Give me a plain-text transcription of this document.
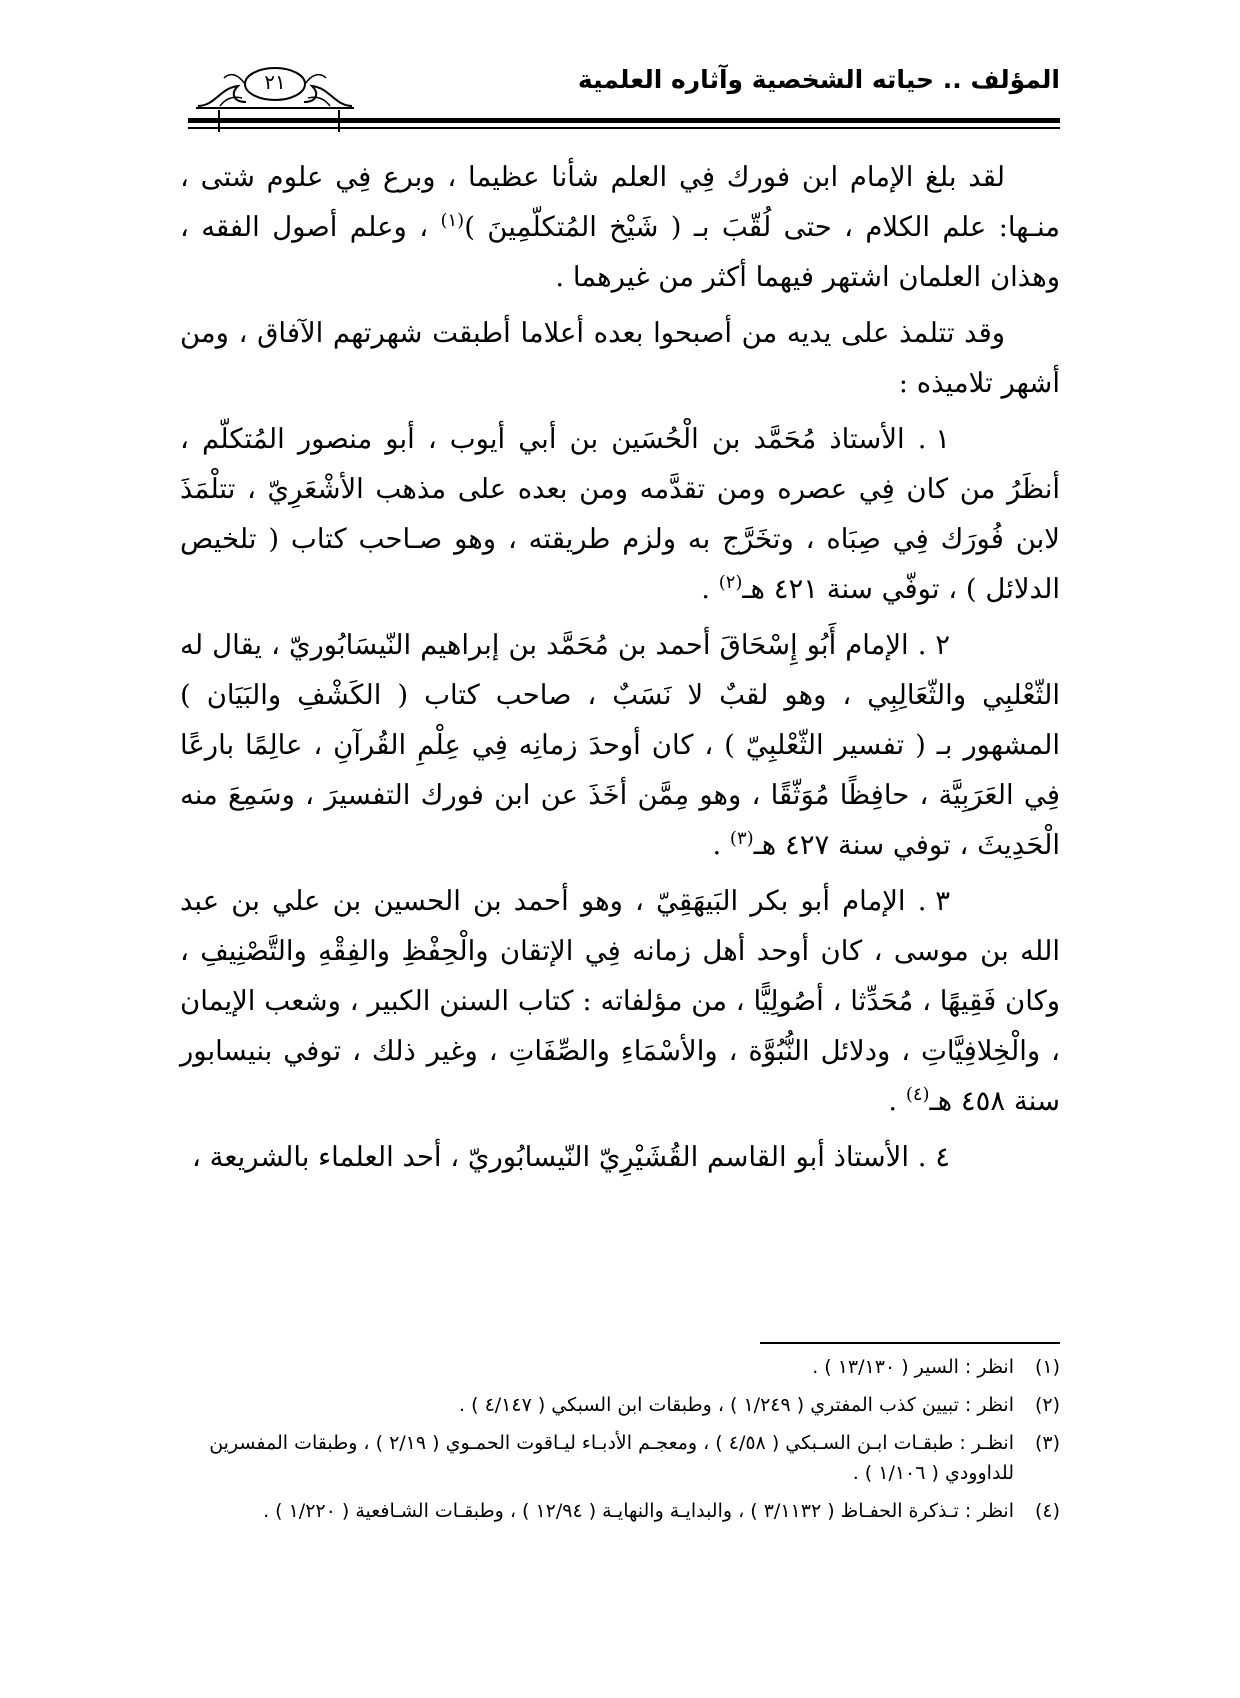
المؤلف .. حياته الشخصية وآثاره العلمية
٢١

لقد بلغ الإمام ابن فورك فِي العلم شأنا عظيما ، وبرع فِي علوم شتى ، منـها: علم الكلام ، حتى لُقّبَ بـ ( شَيْخ المُتكلّمِينَ )$^{(١)}$ ، وعلم أصول الفقه ، وهذان العلمان اشتهر فيهما أكثر من غيرهما .

وقد تتلمذ على يديه من أصبحوا بعده أعلاما أطبقت شهرتهم الآفاق ، ومن أشهر تلاميذه :

١ . الأستاذ مُحَمَّد بن الْحُسَين بن أبي أيوب ، أبو منصور المُتكلّم ، أنظَرُ من كان فِي عصره ومن تقدَّمه ومن بعده على مذهب الأشْعَرِيّ ، تتلْمَذَ لابن فُورَك فِي صِبَاه ، وتخَرَّج به ولزم طريقته ، وهو صـاحب كتاب ( تلخيص الدلائل ) ، توفّي سنة ٤٢١ هـ$^{(٢)}$ .

٢ . الإمام أَبُو إِسْحَاقَ أحمد بن مُحَمَّد بن إبراهيم النّيسَابُوريّ ، يقال له الثّعْلبِي والثّعَالِبِي ، وهو لقبٌ لا نَسَبٌ ، صاحب كتاب ( الكَشْفِ والبَيَان ) المشهور بـ ( تفسير الثّعْلبِيّ ) ، كان أوحدَ زمانِه فِي عِلْمِ القُرآنِ ، عالِمًا بارعًا فِي العَرَبِيَّة ، حافِظًا مُوَثّقًا ، وهو مِمَّن أخَذَ عن ابن فورك التفسيرَ ، وسَمِعَ منه الْحَدِيثَ ، توفي سنة ٤٢٧ هـ$^{(٣)}$ .

٣ . الإمام أبو بكر البَيهَقِيّ ، وهو أحمد بن الحسين بن علي بن عبد الله بن موسى ، كان أوحد أهل زمانه فِي الإتقان والْحِفْظِ والفِقْهِ والتَّصْنِيفِ ، وكان فَقِيهًا ، مُحَدِّثا ، أصُولِيًّا ، من مؤلفاته : كتاب السنن الكبير ، وشعب الإيمان ، والْخِلافِيَّاتِ ، ودلائل النُّبُوَّة ، والأسْمَاءِ والصِّفَاتِ ، وغير ذلك ، توفي بنيسابور سنة ٤٥٨ هـ$^{(٤)}$ .

٤ . الأستاذ أبو القاسم القُشَيْرِيّ النّيسابُوريّ ، أحد العلماء بالشريعة ،

(١)انظر : السير ( ١٣/١٣٠ ) .

(٢)انظر : تبيين كذب المفتري ( ١/٢٤٩ ) ، وطبقات ابن السبكي ( ٤/١٤٧ ) .

(٣)انظـر : طبقـات ابـن السـبكي ( ٤/٥٨ ) ، ومعجـم الأدبـاء ليـاقوت الحمـوي ( ٢/١٩ ) ، وطبقات المفسرين للداوودي ( ١/١٠٦ ) .

(٤)انظر : تـذكرة الحفـاظ ( ٣/١١٣٢ ) ، والبدايـة والنهايـة ( ١٢/٩٤ ) ، وطبقـات الشـافعية ( ١/٢٢٠ ) .
